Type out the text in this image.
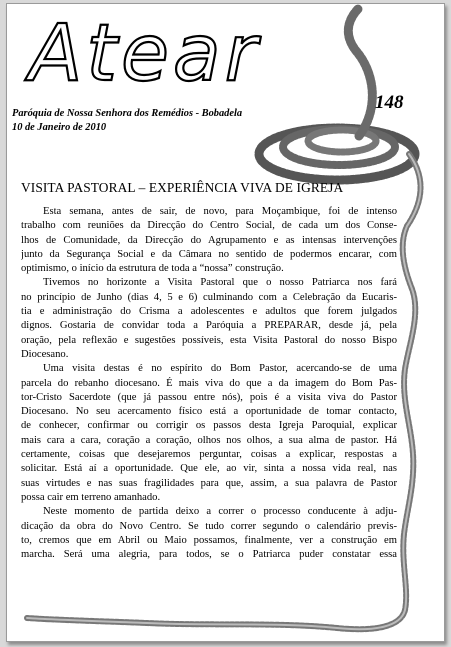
Atear
148
Paróquia de Nossa Senhora dos Remédios - Bobadela
10 de Janeiro de 2010
VISITA PASTORAL – EXPERIÊNCIA VIVA DE IGREJA
Esta semana, antes de sair, de novo, para Moçambique, foi de intenso
trabalho com reuniões da Direcção do Centro Social, de cada um dos Conse-
lhos de Comunidade, da Direcção do Agrupamento e as intensas intervenções
junto da Segurança Social e da Câmara no sentido de podermos encarar, com
optimismo, o início da estrutura de toda a “nossa” construção.
Tivemos no horizonte a Visita Pastoral que o nosso Patriarca nos fará
no princípio de Junho (dias 4, 5 e 6) culminando com a Celebração da Eucaris-
tia e administração do Crisma a adolescentes e adultos que forem julgados
dignos. Gostaria de convidar toda a Paróquia a PREPARAR, desde já, pela
oração, pela reflexão e sugestões possíveis, esta Visita Pastoral do nosso Bispo
Diocesano.
Uma visita destas é no espírito do Bom Pastor, acercando-se de uma
parcela do rebanho diocesano. É mais viva do que a da imagem do Bom Pas-
tor-Cristo Sacerdote (que já passou entre nós), pois é a visita viva do Pastor
Diocesano. No seu acercamento físico está a oportunidade de tomar contacto,
de conhecer, confirmar ou corrigir os passos desta Igreja Paroquial, explicar
mais cara a cara, coração a coração, olhos nos olhos, a sua alma de pastor. Há
certamente, coisas que desejaremos perguntar, coisas a explicar, respostas a
solicitar. Está aí a oportunidade. Que ele, ao vir, sinta a nossa vida real, nas
suas virtudes e nas suas fragilidades para que, assim, a sua palavra de Pastor
possa cair em terreno amanhado.
Neste momento de partida deixo a correr o processo conducente à adju-
dicação da obra do Novo Centro. Se tudo correr segundo o calendário previs-
to, cremos que em Abril ou Maio possamos, finalmente, ver a construção em
marcha. Será uma alegria, para todos, se o Patriarca puder constatar essa
